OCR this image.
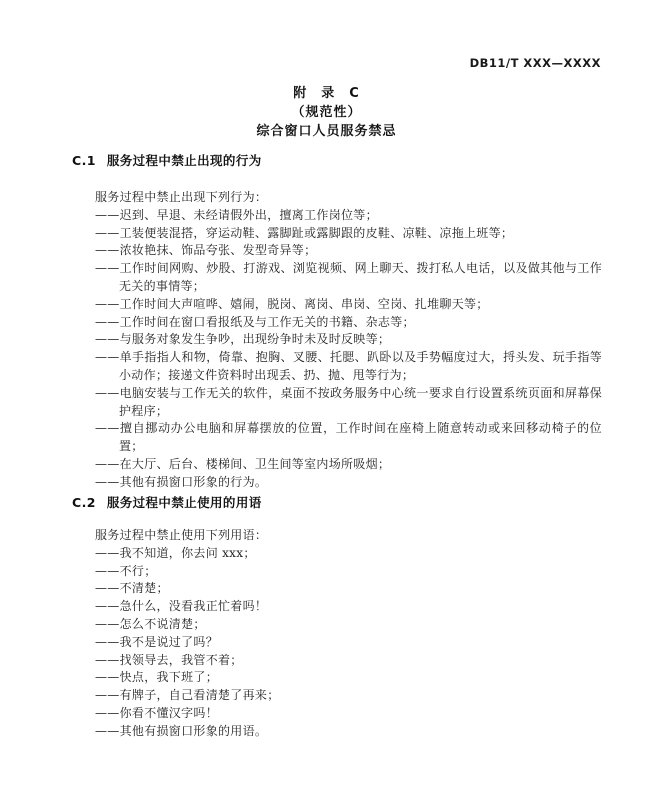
DB11/T XXX—XXXX
附　录　C
（规范性）
综合窗口人员服务禁忌
C.1 服务过程中禁止出现的行为
服务过程中禁止出现下列行为：
——迟到、早退、未经请假外出，擅离工作岗位等；
——工装便装混搭，穿运动鞋、露脚趾或露脚跟的皮鞋、凉鞋、凉拖上班等；
——浓妆艳抹、饰品夸张、发型奇异等；
——工作时间网购、炒股、打游戏、浏览视频、网上聊天、拨打私人电话，以及做其他与工作无关的事情等；
——工作时间大声喧哗、嬉闹，脱岗、离岗、串岗、空岗、扎堆聊天等；
——工作时间在窗口看报纸及与工作无关的书籍、杂志等；
——与服务对象发生争吵，出现纷争时未及时反映等；
——单手指指人和物，倚靠、抱胸、叉腰、托腮、趴卧以及手势幅度过大，捋头发、玩手指等小动作；接递文件资料时出现丢、扔、抛、甩等行为；
——电脑安装与工作无关的软件，桌面不按政务服务中心统一要求自行设置系统页面和屏幕保护程序；
——擅自挪动办公电脑和屏幕摆放的位置，工作时间在座椅上随意转动或来回移动椅子的位置；
——在大厅、后台、楼梯间、卫生间等室内场所吸烟；
——其他有损窗口形象的行为。
C.2 服务过程中禁止使用的用语
服务过程中禁止使用下列用语：
——我不知道，你去问 xxx；
——不行；
——不清楚；
——急什么，没看我正忙着吗！
——怎么不说清楚；
——我不是说过了吗？
——找领导去，我管不着；
——快点，我下班了；
——有牌子，自己看清楚了再来；
——你看不懂汉字吗！
——其他有损窗口形象的用语。
